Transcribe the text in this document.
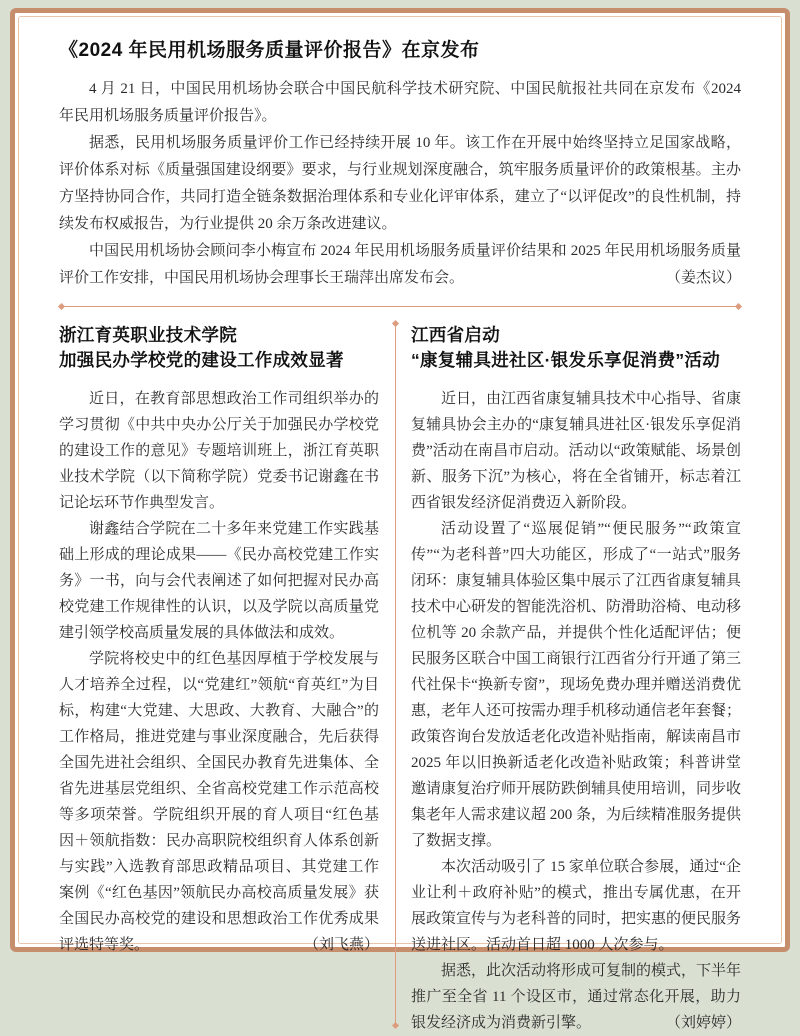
《2024 年民用机场服务质量评价报告》在京发布

4 月 21 日，中国民用机场协会联合中国民航科学技术研究院、中国民航报社共同在京发布《2024 年民用机场服务质量评价报告》。

据悉，民用机场服务质量评价工作已经持续开展 10 年。该工作在开展中始终坚持立足国家战略，评价体系对标《质量强国建设纲要》要求，与行业规划深度融合，筑牢服务质量评价的政策根基。主办方坚持协同合作，共同打造全链条数据治理体系和专业化评审体系，建立了“以评促改”的良性机制，持续发布权威报告，为行业提供 20 余万条改进建议。

中国民用机场协会顾问李小梅宣布 2024 年民用机场服务质量评价结果和 2025 年民用机场服务质量评价工作安排，中国民用机场协会理事长王瑞萍出席发布会。	（姜杰议）

浙江育英职业技术学院
加强民办学校党的建设工作成效显著

近日，在教育部思想政治工作司组织举办的学习贯彻《中共中央办公厅关于加强民办学校党的建设工作的意见》专题培训班上，浙江育英职业技术学院（以下简称学院）党委书记谢鑫在书记论坛环节作典型发言。

谢鑫结合学院在二十多年来党建工作实践基础上形成的理论成果——《民办高校党建工作实务》一书，向与会代表阐述了如何把握对民办高校党建工作规律性的认识，以及学院以高质量党建引领学校高质量发展的具体做法和成效。

学院将校史中的红色基因厚植于学校发展与人才培养全过程，以“党建红”领航“育英红”为目标，构建“大党建、大思政、大教育、大融合”的工作格局，推进党建与事业深度融合，先后获得全国先进社会组织、全国民办教育先进集体、全省先进基层党组织、全省高校党建工作示范高校等多项荣誉。学院组织开展的育人项目“红色基因＋领航指数：民办高职院校组织育人体系创新与实践”入选教育部思政精品项目、其党建工作案例《“红色基因”领航民办高校高质量发展》获全国民办高校党的建设和思想政治工作优秀成果评选特等奖。	（刘飞燕）

江西省启动
“康复辅具进社区·银发乐享促消费”活动

近日，由江西省康复辅具技术中心指导、省康复辅具协会主办的“康复辅具进社区·银发乐享促消费”活动在南昌市启动。活动以“政策赋能、场景创新、服务下沉”为核心，将在全省铺开，标志着江西省银发经济促消费迈入新阶段。

活动设置了“巡展促销”“便民服务”“政策宣传”“为老科普”四大功能区，形成了“一站式”服务闭环：康复辅具体验区集中展示了江西省康复辅具技术中心研发的智能洗浴机、防滑助浴椅、电动移位机等 20 余款产品，并提供个性化适配评估；便民服务区联合中国工商银行江西省分行开通了第三代社保卡“换新专窗”，现场免费办理并赠送消费优惠，老年人还可按需办理手机移动通信老年套餐；政策咨询台发放适老化改造补贴指南，解读南昌市 2025 年以旧换新适老化改造补贴政策；科普讲堂邀请康复治疗师开展防跌倒辅具使用培训，同步收集老年人需求建议超 200 条，为后续精准服务提供了数据支撑。

本次活动吸引了 15 家单位联合参展，通过“企业让利＋政府补贴”的模式，推出专属优惠，在开展政策宣传与为老科普的同时，把实惠的便民服务送进社区。活动首日超 1000 人次参与。

据悉，此次活动将形成可复制的模式，下半年推广至全省 11 个设区市，通过常态化开展，助力银发经济成为消费新引擎。	（刘婷婷）
